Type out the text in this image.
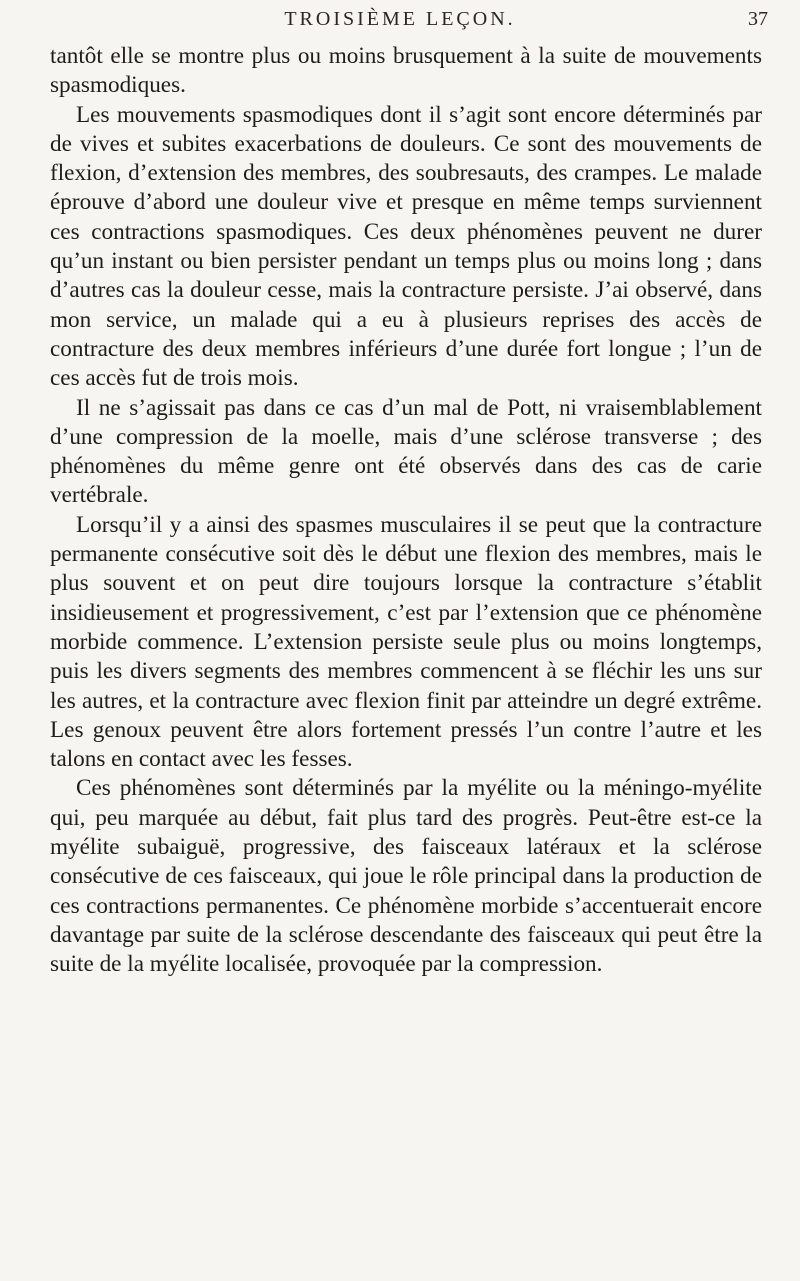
TROISIÈME LEÇON.	37

tantôt elle se montre plus ou moins brusquement à la suite de mouvements spasmodiques.

Les mouvements spasmodiques dont il s’agit sont encore déterminés par de vives et subites exacerbations de douleurs. Ce sont des mouvements de flexion, d’extension des membres, des soubresauts, des crampes. Le malade éprouve d’abord une douleur vive et presque en même temps surviennent ces contractions spasmodiques. Ces deux phénomènes peuvent ne durer qu’un instant ou bien persister pendant un temps plus ou moins long ; dans d’autres cas la douleur cesse, mais la contracture persiste. J’ai observé, dans mon service, un malade qui a eu à plusieurs reprises des accès de contracture des deux membres inférieurs d’une durée fort longue ; l’un de ces accès fut de trois mois.

Il ne s’agissait pas dans ce cas d’un mal de Pott, ni vraisemblablement d’une compression de la moelle, mais d’une sclérose transverse ; des phénomènes du même genre ont été observés dans des cas de carie vertébrale.

Lorsqu’il y a ainsi des spasmes musculaires il se peut que la contracture permanente consécutive soit dès le début une flexion des membres, mais le plus souvent et on peut dire toujours lorsque la contracture s’établit insidieusement et progressivement, c’est par l’extension que ce phénomène morbide commence. L’extension persiste seule plus ou moins longtemps, puis les divers segments des membres commencent à se fléchir les uns sur les autres, et la contracture avec flexion finit par atteindre un degré extrême. Les genoux peuvent être alors fortement pressés l’un contre l’autre et les talons en contact avec les fesses.

Ces phénomènes sont déterminés par la myélite ou la méningo-myélite qui, peu marquée au début, fait plus tard des progrès. Peut-être est-ce la myélite subaiguë, progressive, des faisceaux latéraux et la sclérose consécutive de ces faisceaux, qui joue le rôle principal dans la production de ces contractions permanentes. Ce phénomène morbide s’accentuerait encore davantage par suite de la sclérose descendante des faisceaux qui peut être la suite de la myélite localisée, provoquée par la compression.
